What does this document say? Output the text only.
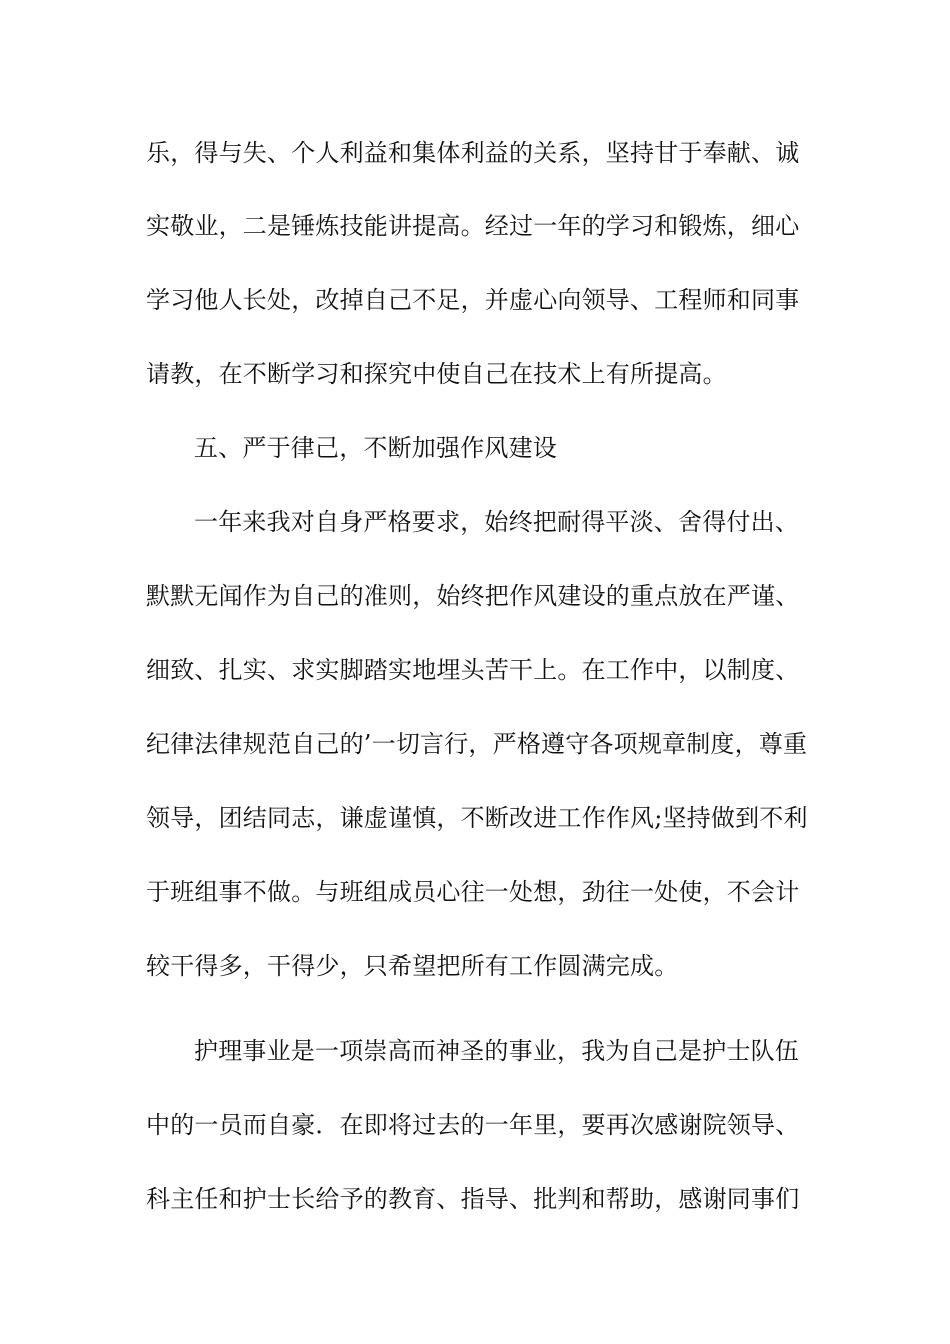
乐，得与失、个人利益和集体利益的关系，坚持甘于奉献、诚
实敬业，二是锤炼技能讲提高。经过一年的学习和锻炼，细心
学习他人长处，改掉自己不足，并虚心向领导、工程师和同事
请教，在不断学习和探究中使自己在技术上有所提高。
五、严于律己，不断加强作风建设
一年来我对自身严格要求，始终把耐得平淡、舍得付出、
默默无闻作为自己的准则，始终把作风建设的重点放在严谨、
细致、扎实、求实脚踏实地埋头苦干上。在工作中，以制度、
纪律法律规范自己的’一切言行，严格遵守各项规章制度，尊重
领导，团结同志，谦虚谨慎，不断改进工作作风;坚持做到不利
于班组事不做。与班组成员心往一处想，劲往一处使，不会计
较干得多，干得少，只希望把所有工作圆满完成。
护理事业是一项崇高而神圣的事业，我为自己是护士队伍
中的一员而自豪．在即将过去的一年里，要再次感谢院领导、
科主任和护士长给予的教育、指导、批判和帮助，感谢同事们
